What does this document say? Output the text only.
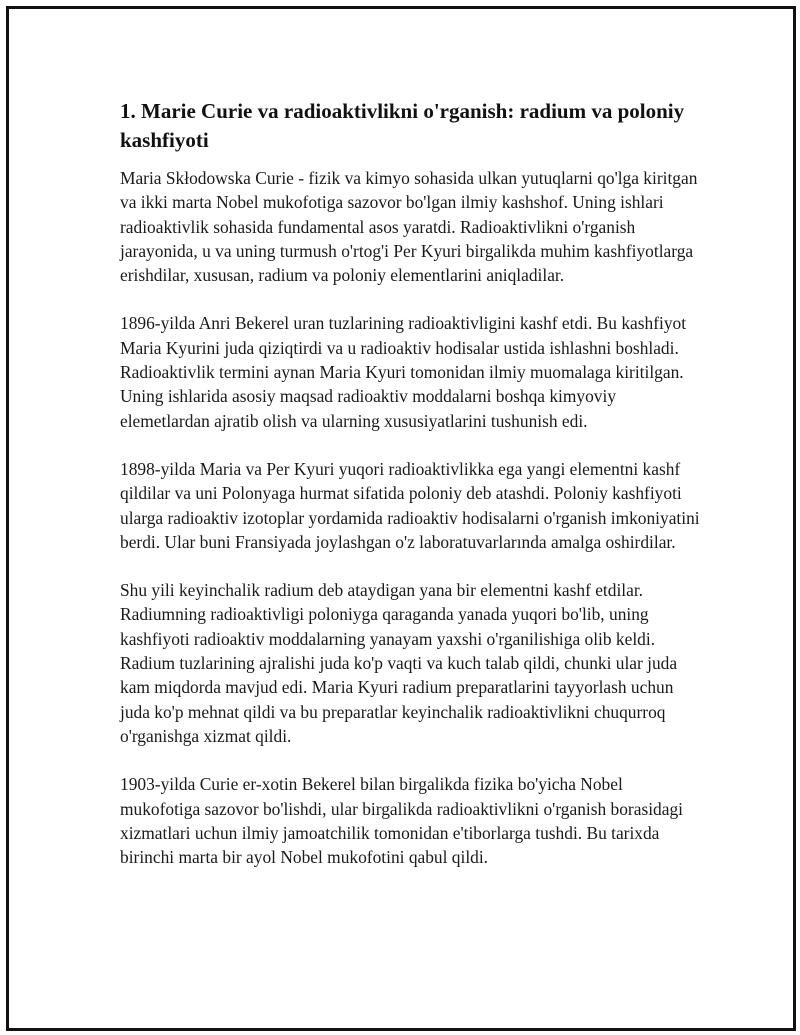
1. Marie Curie va radioaktivlikni o'rganish: radium va poloniy kashfiyoti

Maria Skłodowska Curie - fizik va kimyo sohasida ulkan yutuqlarni qo'lga kiritgan va ikki marta Nobel mukofotiga sazovor bo'lgan ilmiy kashshof. Uning ishlari radioaktivlik sohasida fundamental asos yaratdi. Radioaktivlikni o'rganish jarayonida, u va uning turmush o'rtog'i Per Kyuri birgalikda muhim kashfiyotlarga erishdilar, xususan, radium va poloniy elementlarini aniqladilar.

1896-yilda Anri Bekerel uran tuzlarining radioaktivligini kashf etdi. Bu kashfiyot Maria Kyurini juda qiziqtirdi va u radioaktiv hodisalar ustida ishlashni boshladi. Radioaktivlik termini aynan Maria Kyuri tomonidan ilmiy muomalaga kiritilgan. Uning ishlarida asosiy maqsad radioaktiv moddalarni boshqa kimyoviy elemetlardan ajratib olish va ularning xususiyatlarini tushunish edi.

1898-yilda Maria va Per Kyuri yuqori radioaktivlikka ega yangi elementni kashf qildilar va uni Polonyaga hurmat sifatida poloniy deb atashdi. Poloniy kashfiyoti ularga radioaktiv izotoplar yordamida radioaktiv hodisalarni o'rganish imkoniyatini berdi. Ular buni Fransiyada joylashgan o'z laboratuvarlarında amalga oshirdilar.

Shu yili keyinchalik radium deb ataydigan yana bir elementni kashf etdilar. Radiumning radioaktivligi poloniyga qaraganda yanada yuqori bo'lib, uning kashfiyoti radioaktiv moddalarning yanayam yaxshi o'rganilishiga olib keldi. Radium tuzlarining ajralishi juda ko'p vaqti va kuch talab qildi, chunki ular juda kam miqdorda mavjud edi. Maria Kyuri radium preparatlarini tayyorlash uchun juda ko'p mehnat qildi va bu preparatlar keyinchalik radioaktivlikni chuqurroq o'rganishga xizmat qildi.

1903-yilda Curie er-xotin Bekerel bilan birgalikda fizika bo'yicha Nobel mukofotiga sazovor bo'lishdi, ular birgalikda radioaktivlikni o'rganish borasidagi xizmatlari uchun ilmiy jamoatchilik tomonidan e'tiborlarga tushdi. Bu tarixda birinchi marta bir ayol Nobel mukofotini qabul qildi.
